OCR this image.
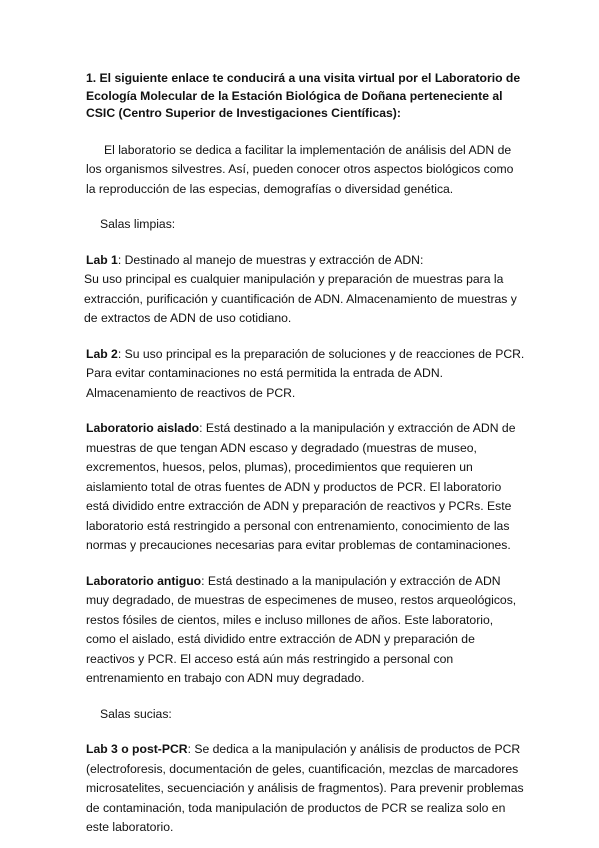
1. El siguiente enlace te conducirá a una visita virtual por el Laboratorio de Ecología Molecular de la Estación Biológica de Doñana perteneciente al CSIC (Centro Superior de Investigaciones Científicas):

El laboratorio se dedica a facilitar la implementación de análisis del ADN de los organismos silvestres. Así, pueden conocer otros aspectos biológicos como la reproducción de las especias, demografías o diversidad genética.

Salas limpias:

Lab 1: Destinado al manejo de muestras y extracción de ADN:
Su uso principal es cualquier manipulación y preparación de muestras para la extracción, purificación y cuantificación de ADN. Almacenamiento de muestras y de extractos de ADN de uso cotidiano.

Lab 2: Su uso principal es la preparación de soluciones y de reacciones de PCR. Para evitar contaminaciones no está permitida la entrada de ADN. Almacenamiento de reactivos de PCR.

Laboratorio aislado: Está destinado a la manipulación y extracción de ADN de muestras de que tengan ADN escaso y degradado (muestras de museo, excrementos, huesos, pelos, plumas), procedimientos que requieren un aislamiento total de otras fuentes de ADN y productos de PCR. El laboratorio está dividido entre extracción de ADN y preparación de reactivos y PCRs. Este laboratorio está restringido a personal con entrenamiento, conocimiento de las normas y precauciones necesarias para evitar problemas de contaminaciones.

Laboratorio antiguo: Está destinado a la manipulación y extracción de ADN muy degradado, de muestras de especimenes de museo, restos arqueológicos, restos fósiles de cientos, miles e incluso millones de años. Este laboratorio, como el aislado, está dividido entre extracción de ADN y preparación de reactivos y PCR. El acceso está aún más restringido a personal con entrenamiento en trabajo con ADN muy degradado.

Salas sucias:

Lab 3 o post-PCR: Se dedica a la manipulación y análisis de productos de PCR (electroforesis, documentación de geles, cuantificación, mezclas de marcadores microsatelites, secuenciación y análisis de fragmentos). Para prevenir problemas de contaminación, toda manipulación de productos de PCR se realiza solo en este laboratorio.
